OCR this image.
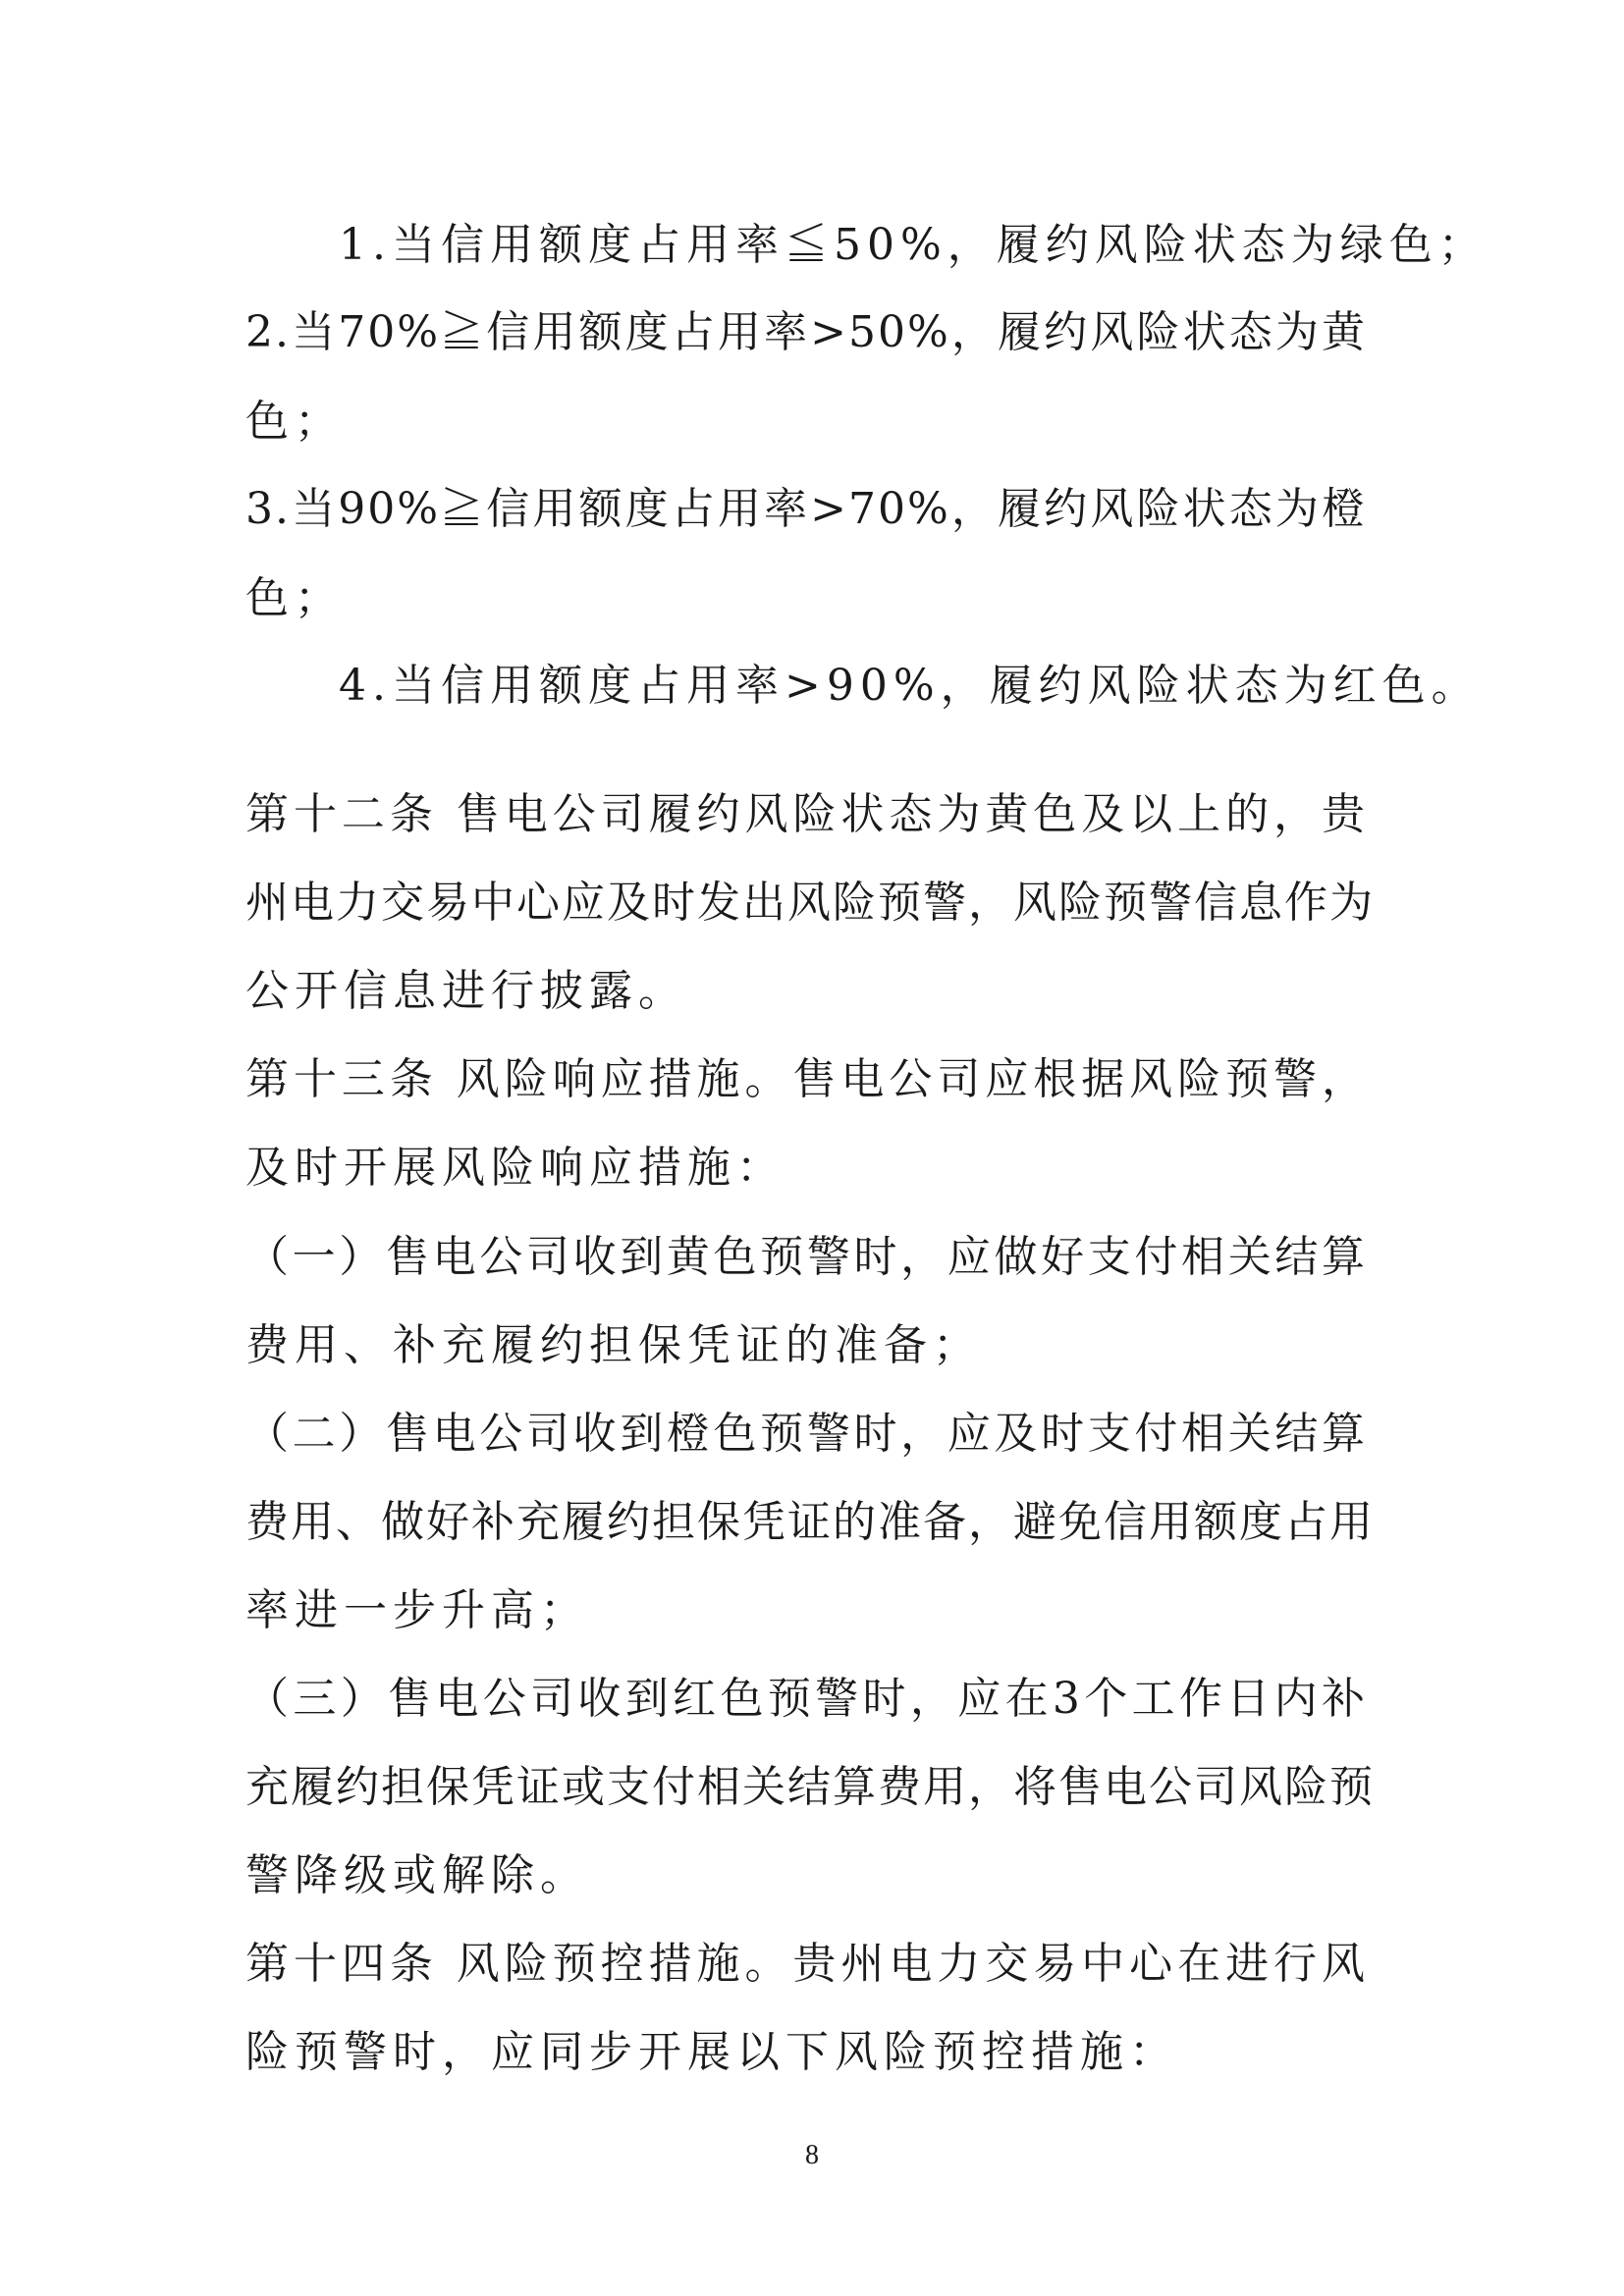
1.当信用额度占用率≦50%，履约风险状态为绿色；
2.当70%≧信用额度占用率>50%，履约风险状态为黄
色；
3.当90%≧信用额度占用率>70%，履约风险状态为橙
色；
4.当信用额度占用率>90%，履约风险状态为红色。
第十二条 售电公司履约风险状态为黄色及以上的，贵
州电力交易中心应及时发出风险预警，风险预警信息作为
公开信息进行披露。
第十三条 风险响应措施。售电公司应根据风险预警，
及时开展风险响应措施：
（一）售电公司收到黄色预警时，应做好支付相关结算
费用、补充履约担保凭证的准备；
（二）售电公司收到橙色预警时，应及时支付相关结算
费用、做好补充履约担保凭证的准备，避免信用额度占用
率进一步升高；
（三）售电公司收到红色预警时，应在3个工作日内补
充履约担保凭证或支付相关结算费用，将售电公司风险预
警降级或解除。
第十四条 风险预控措施。贵州电力交易中心在进行风
险预警时，应同步开展以下风险预控措施：
8
